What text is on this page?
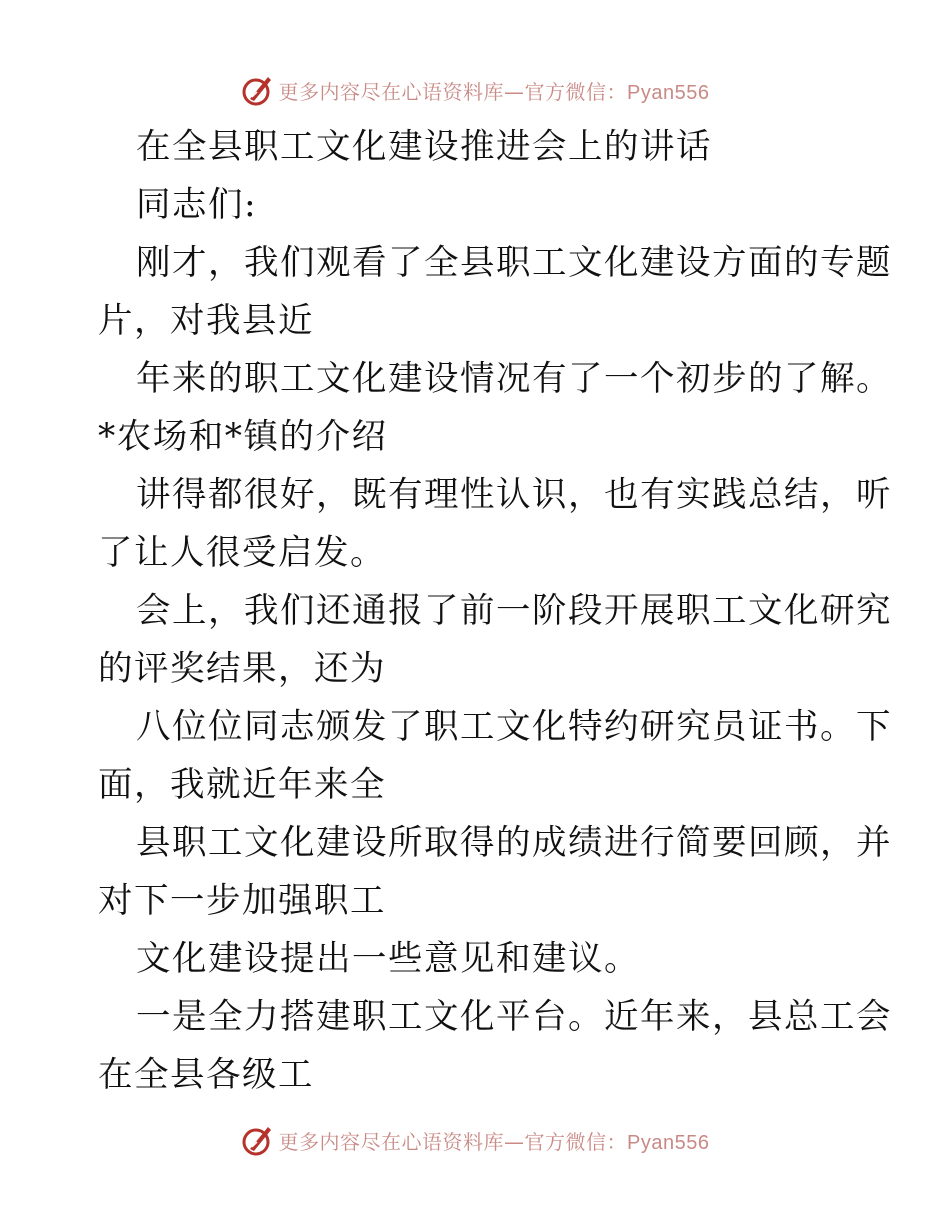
更多内容尽在心语资料库—官方微信：Pyan556
在全县职工文化建设推进会上的讲话
同志们:
刚才，我们观看了全县职工文化建设方面的专题
片，对我县近
年来的职工文化建设情况有了一个初步的了解。
*农场和*镇的介绍
讲得都很好，既有理性认识，也有实践总结，听
了让人很受启发。
会上，我们还通报了前一阶段开展职工文化研究
的评奖结果，还为
八位位同志颁发了职工文化特约研究员证书。下
面，我就近年来全
县职工文化建设所取得的成绩进行简要回顾，并
对下一步加强职工
文化建设提出一些意见和建议。
一是全力搭建职工文化平台。近年来，县总工会
在全县各级工
更多内容尽在心语资料库—官方微信：Pyan556
